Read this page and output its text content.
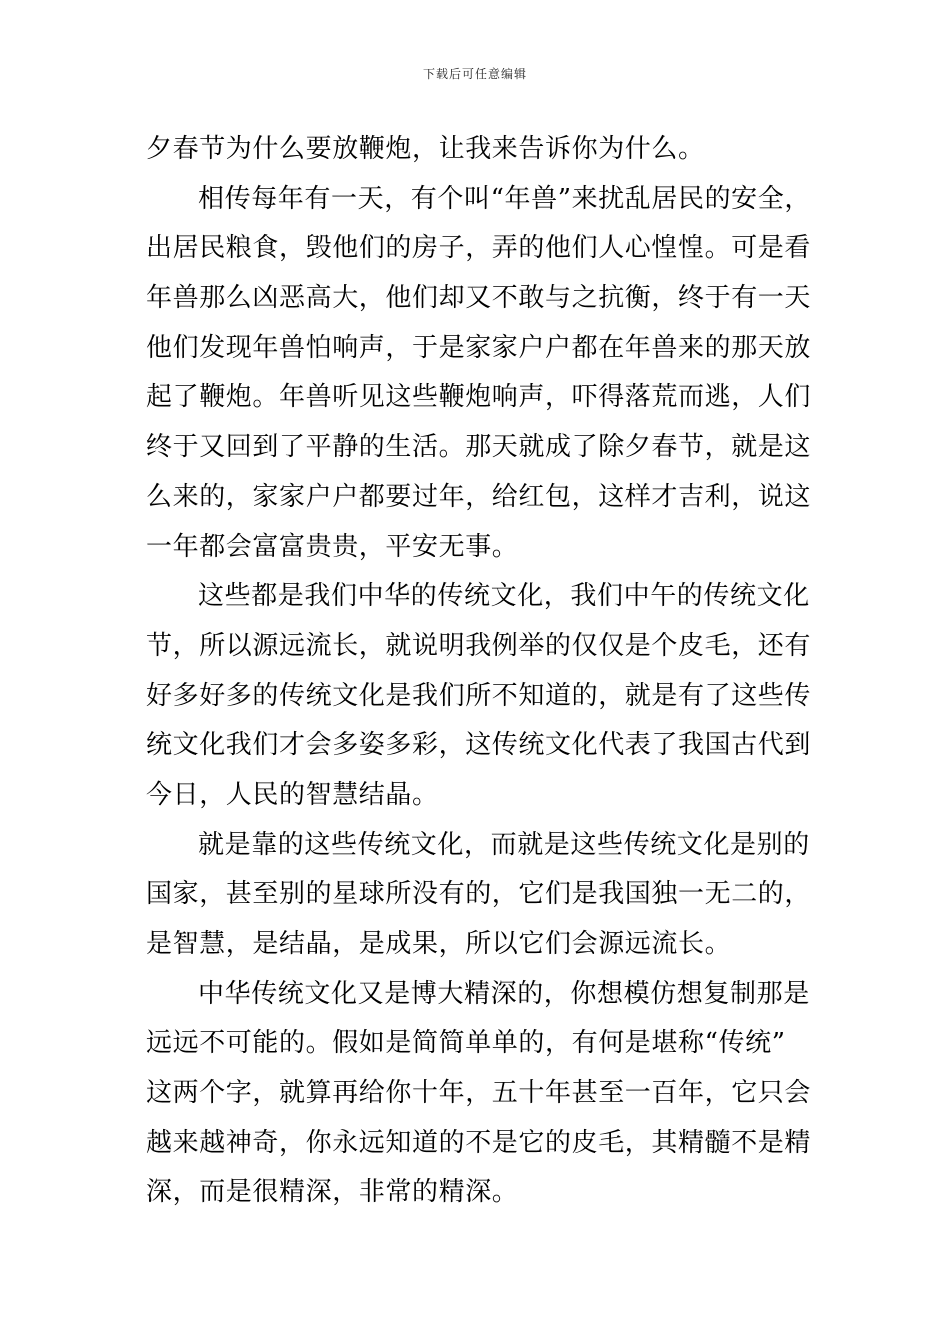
下载后可任意编辑
夕春节为什么要放鞭炮，让我来告诉你为什么。
相传每年有一天，有个叫“年兽”来扰乱居民的安全，
出居民粮食，毁他们的房子，弄的他们人心惶惶。可是看
年兽那么凶恶高大，他们却又不敢与之抗衡，终于有一天
他们发现年兽怕响声，于是家家户户都在年兽来的那天放
起了鞭炮。年兽听见这些鞭炮响声，吓得落荒而逃，人们
终于又回到了平静的生活。那天就成了除夕春节，就是这
么来的，家家户户都要过年，给红包，这样才吉利，说这
一年都会富富贵贵，平安无事。
这些都是我们中华的传统文化，我们中午的传统文化
节，所以源远流长，就说明我例举的仅仅是个皮毛，还有
好多好多的传统文化是我们所不知道的，就是有了这些传
统文化我们才会多姿多彩，这传统文化代表了我国古代到
今日，人民的智慧结晶。
就是靠的这些传统文化，而就是这些传统文化是别的
国家，甚至别的星球所没有的，它们是我国独一无二的，
是智慧，是结晶，是成果，所以它们会源远流长。
中华传统文化又是博大精深的，你想模仿想复制那是
远远不可能的。假如是简简单单的，有何是堪称“传统”
这两个字，就算再给你十年，五十年甚至一百年，它只会
越来越神奇，你永远知道的不是它的皮毛，其精髓不是精
深，而是很精深，非常的精深。
